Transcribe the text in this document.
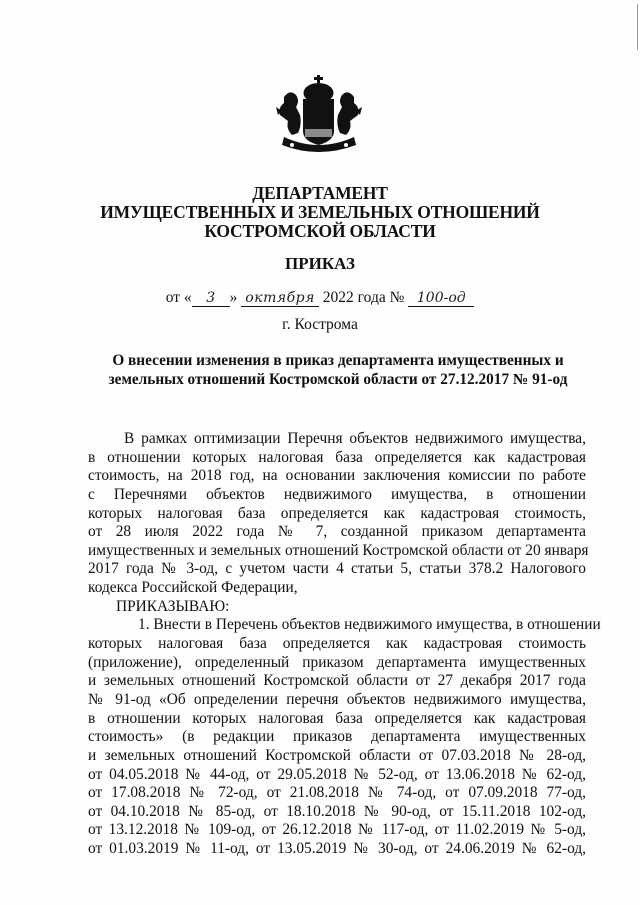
ДЕПАРТАМЕНТ
ИМУЩЕСТВЕННЫХ И ЗЕМЕЛЬНЫХ ОТНОШЕНИЙ
КОСТРОМСКОЙ ОБЛАСТИ
ПРИКАЗ
от « 3 » октября 2022 года № 100-од
г. Кострома
О внесении изменения в приказ департамента имущественных и
земельных отношений Костромской области от 27.12.2017 № 91-од
В рамках оптимизации Перечня объектов недвижимого имущества,
в отношении которых налоговая база определяется как кадастровая
стоимость, на 2018 год, на основании заключения комиссии по работе
с Перечнями объектов недвижимого имущества, в отношении
которых налоговая база определяется как кадастровая стоимость,
от 28 июля 2022 года № 7, созданной приказом департамента
имущественных и земельных отношений Костромской области от 20 января
2017 года № 3-од, с учетом части 4 статьи 5, статьи 378.2 Налогового
кодекса Российской Федерации,
ПРИКАЗЫВАЮ:
1. Внести в Перечень объектов недвижимого имущества, в отношении
которых налоговая база определяется как кадастровая стоимость
(приложение), определенный приказом департамента имущественных
и земельных отношений Костромской области от 27 декабря 2017 года
№ 91-од «Об определении перечня объектов недвижимого имущества,
в отношении которых налоговая база определяется как кадастровая
стоимость» (в редакции приказов департамента имущественных
и земельных отношений Костромской области от 07.03.2018 № 28-од,
от 04.05.2018 № 44-од, от 29.05.2018 № 52-од, от 13.06.2018 № 62-од,
от 17.08.2018 № 72-од, от 21.08.2018 № 74-од, от 07.09.2018 77-од,
от 04.10.2018 № 85-од, от 18.10.2018 № 90-од, от 15.11.2018 102-од,
от 13.12.2018 № 109-од, от 26.12.2018 № 117-од, от 11.02.2019 № 5-од,
от 01.03.2019 № 11-од, от 13.05.2019 № 30-од, от 24.06.2019 № 62-од,
